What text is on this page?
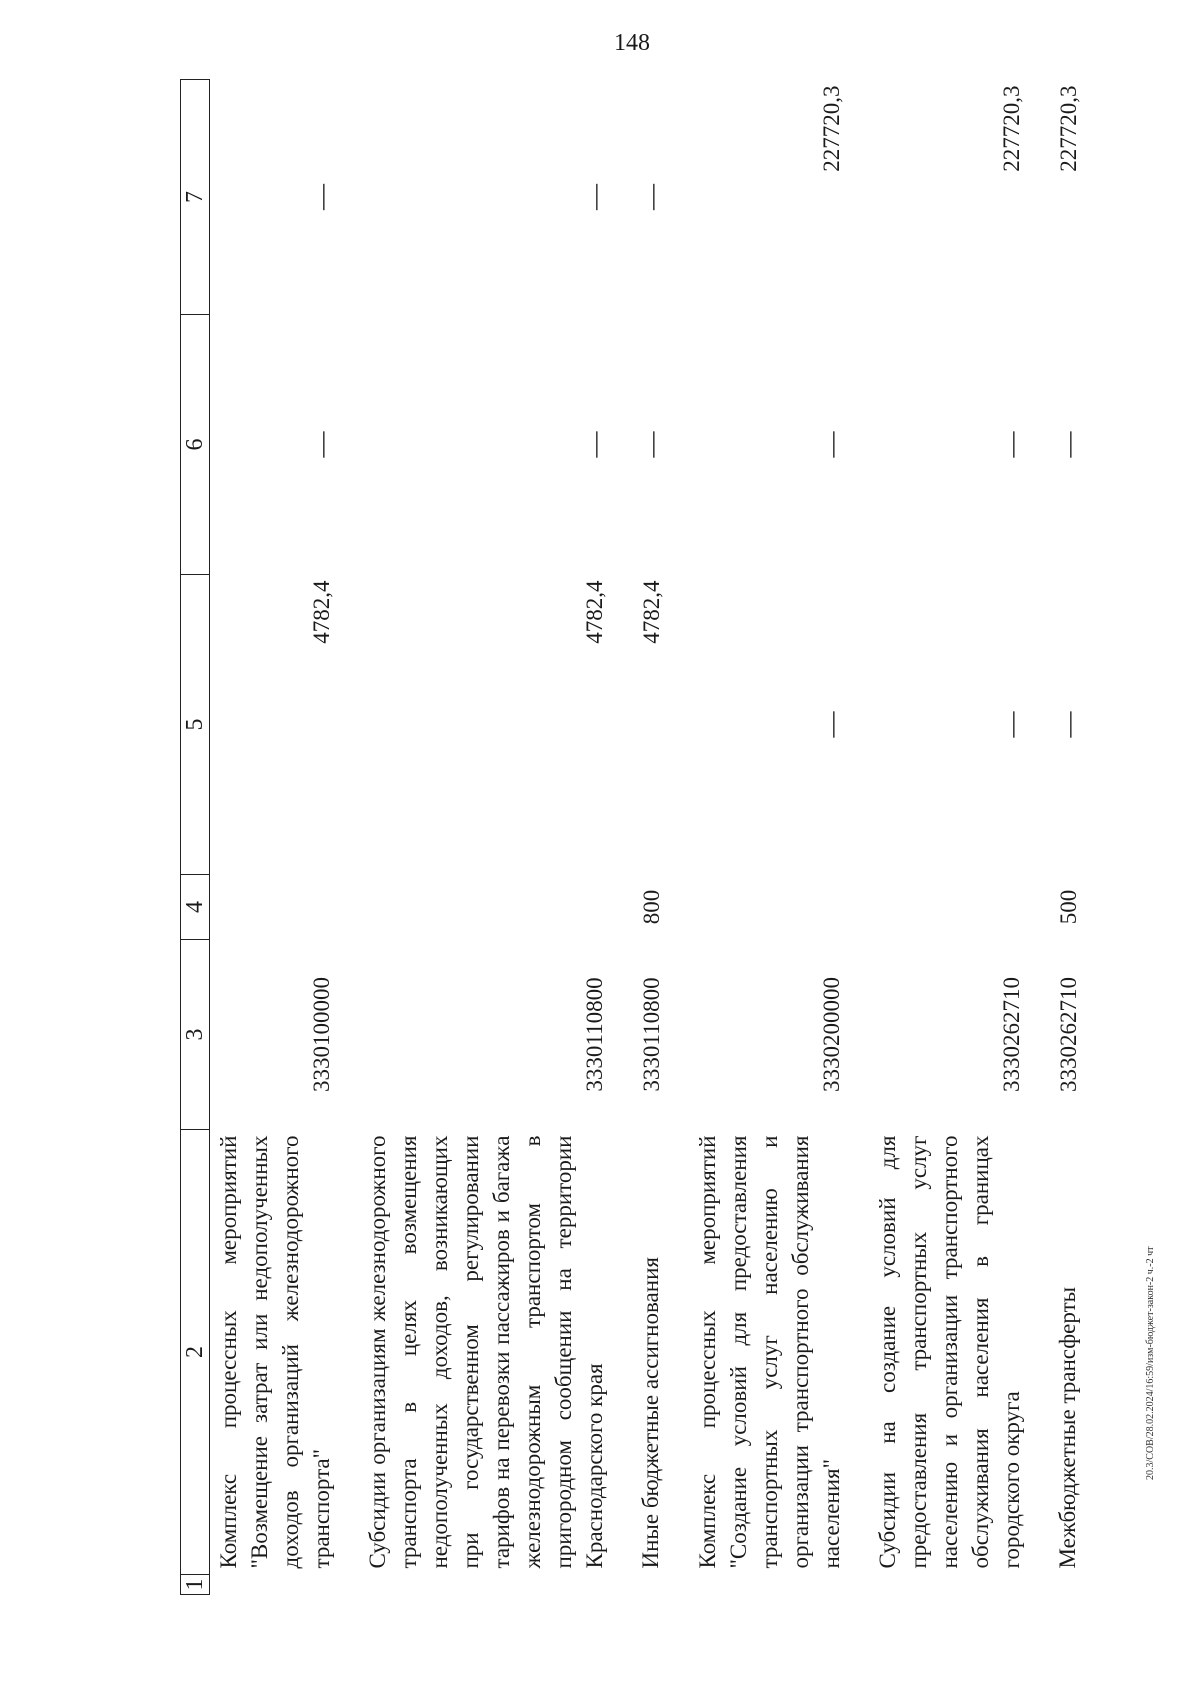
148
20.3/СОВ/28.02.2024/16:59/изм-бюджет-закон-2 ч.-2 чт
1	2	3	4	5	6	7
	Комплекс процессных мероприятий "Возмещение затрат или недополученных доходов организаций железнодорожного транспорта"	3330100000		4782,4	—	—
	Субсидии организациям железнодорожного транспорта в целях возмещения недополученных доходов, возникающих при государственном регулировании тарифов на перевозки пассажиров и багажа железнодорожным транспортом в пригородном сообщении на территории Краснодарского края	3330110800		4782,4	—	—
	Иные бюджетные ассигнования	3330110800	800	4782,4	—	—
	Комплекс процессных мероприятий "Создание условий для предоставления транспортных услуг населению и организации транспортного обслуживания населения"	3330200000		—	—	227720,3
	Субсидии на создание условий для предоставления транспортных услуг населению и организации транспортного обслуживания населения в границах городского округа	3330262710		—	—	227720,3
	Межбюджетные трансферты	3330262710	500	—	—	227720,3
